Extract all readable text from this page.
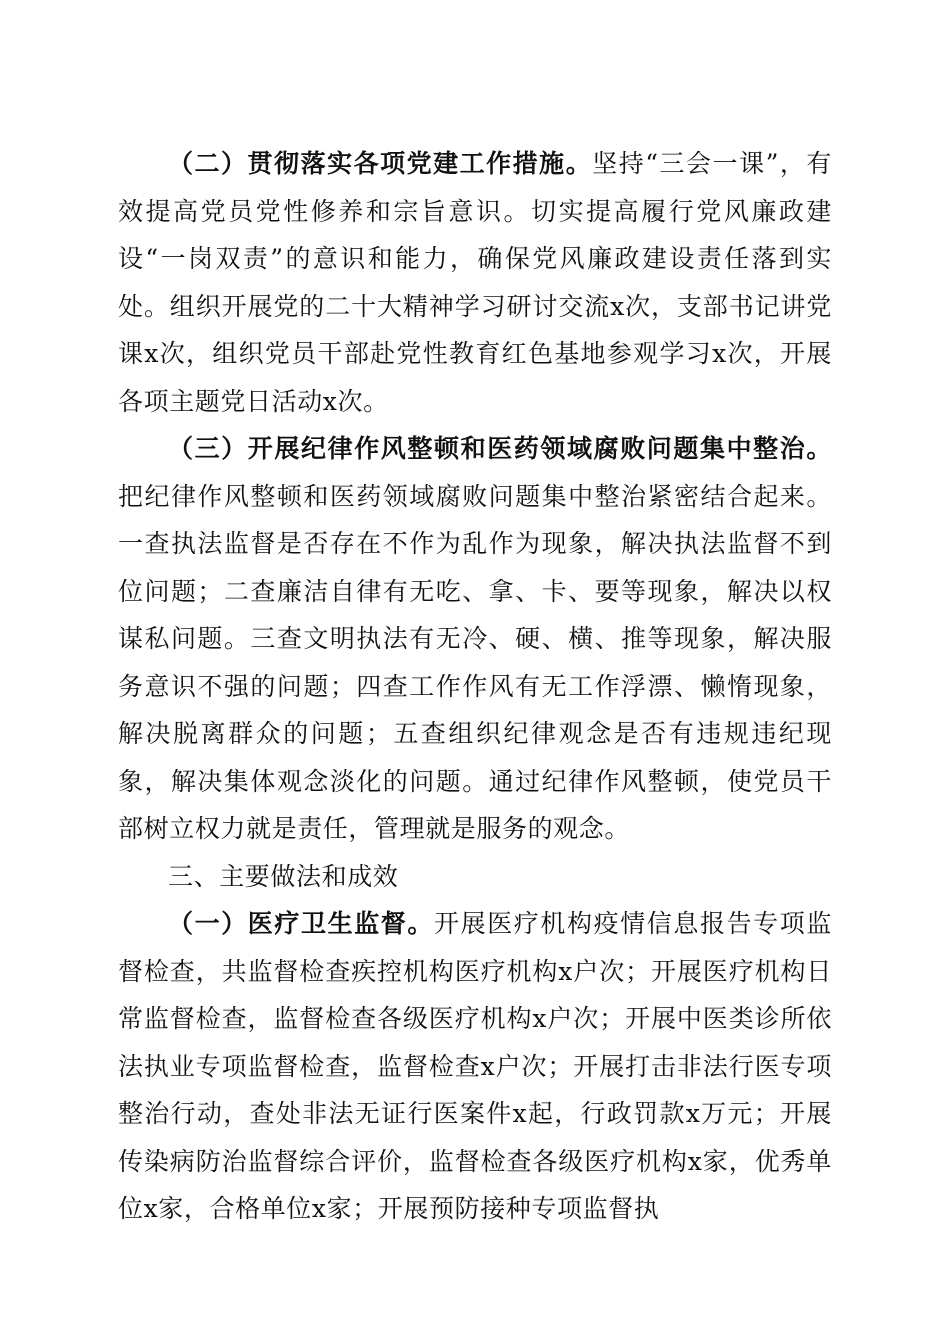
（二）贯彻落实各项党建工作措施。坚持“三会一课”，有效提高党员党性修养和宗旨意识。切实提高履行党风廉政建设“一岗双责”的意识和能力，确保党风廉政建设责任落到实处。组织开展党的二十大精神学习研讨交流x次，支部书记讲党课x次，组织党员干部赴党性教育红色基地参观学习x次，开展各项主题党日活动x次。

（三）开展纪律作风整顿和医药领域腐败问题集中整治。把纪律作风整顿和医药领域腐败问题集中整治紧密结合起来。一查执法监督是否存在不作为乱作为现象，解决执法监督不到位问题；二查廉洁自律有无吃、拿、卡、要等现象，解决以权谋私问题。三查文明执法有无冷、硬、横、推等现象，解决服务意识不强的问题；四查工作作风有无工作浮漂、懒惰现象，解决脱离群众的问题；五查组织纪律观念是否有违规违纪现象，解决集体观念淡化的问题。通过纪律作风整顿，使党员干部树立权力就是责任，管理就是服务的观念。

三、主要做法和成效

（一）医疗卫生监督。开展医疗机构疫情信息报告专项监督检查，共监督检查疾控机构医疗机构x户次；开展医疗机构日常监督检查，监督检查各级医疗机构x户次；开展中医类诊所依法执业专项监督检查，监督检查x户次；开展打击非法行医专项整治行动，查处非法无证行医案件x起，行政罚款x万元；开展传染病防治监督综合评价，监督检查各级医疗机构x家，优秀单位x家，合格单位x家；开展预防接种专项监督执
